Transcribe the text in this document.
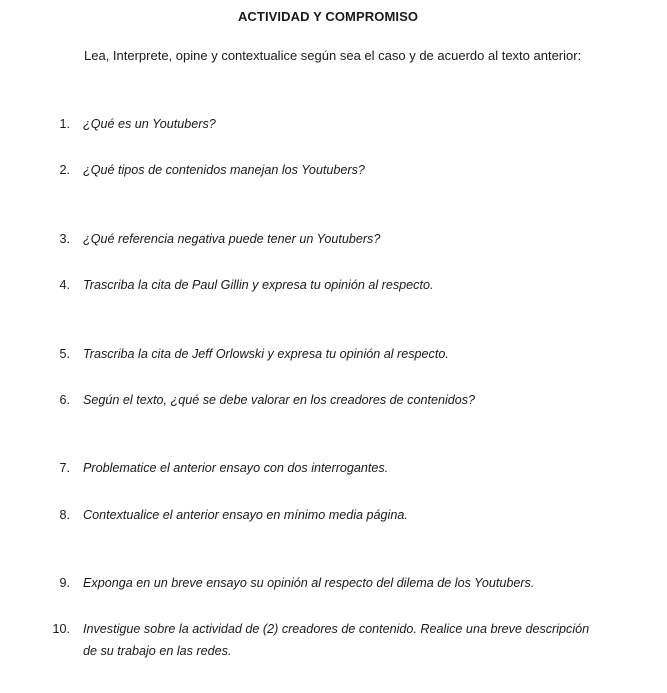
ACTIVIDAD Y COMPROMISO
Lea, Interprete, opine y contextualice según sea el caso y de acuerdo al texto anterior:
1. ¿Qué es un Youtubers?
2. ¿Qué tipos de contenidos manejan los Youtubers?
3. ¿Qué referencia negativa puede tener un Youtubers?
4. Trascriba la cita de Paul Gillin y expresa tu opinión al respecto.
5. Trascriba la cita de Jeff Orlowski y expresa tu opinión al respecto.
6. Según el texto, ¿qué se debe valorar en los creadores de contenidos?
7. Problematice el anterior ensayo con dos interrogantes.
8. Contextualice el anterior ensayo en mínimo media página.
9. Exponga en un breve ensayo su opinión al respecto del dilema de los Youtubers.
10. Investigue sobre la actividad de (2) creadores de contenido. Realice una breve descripción
de su trabajo en las redes.
